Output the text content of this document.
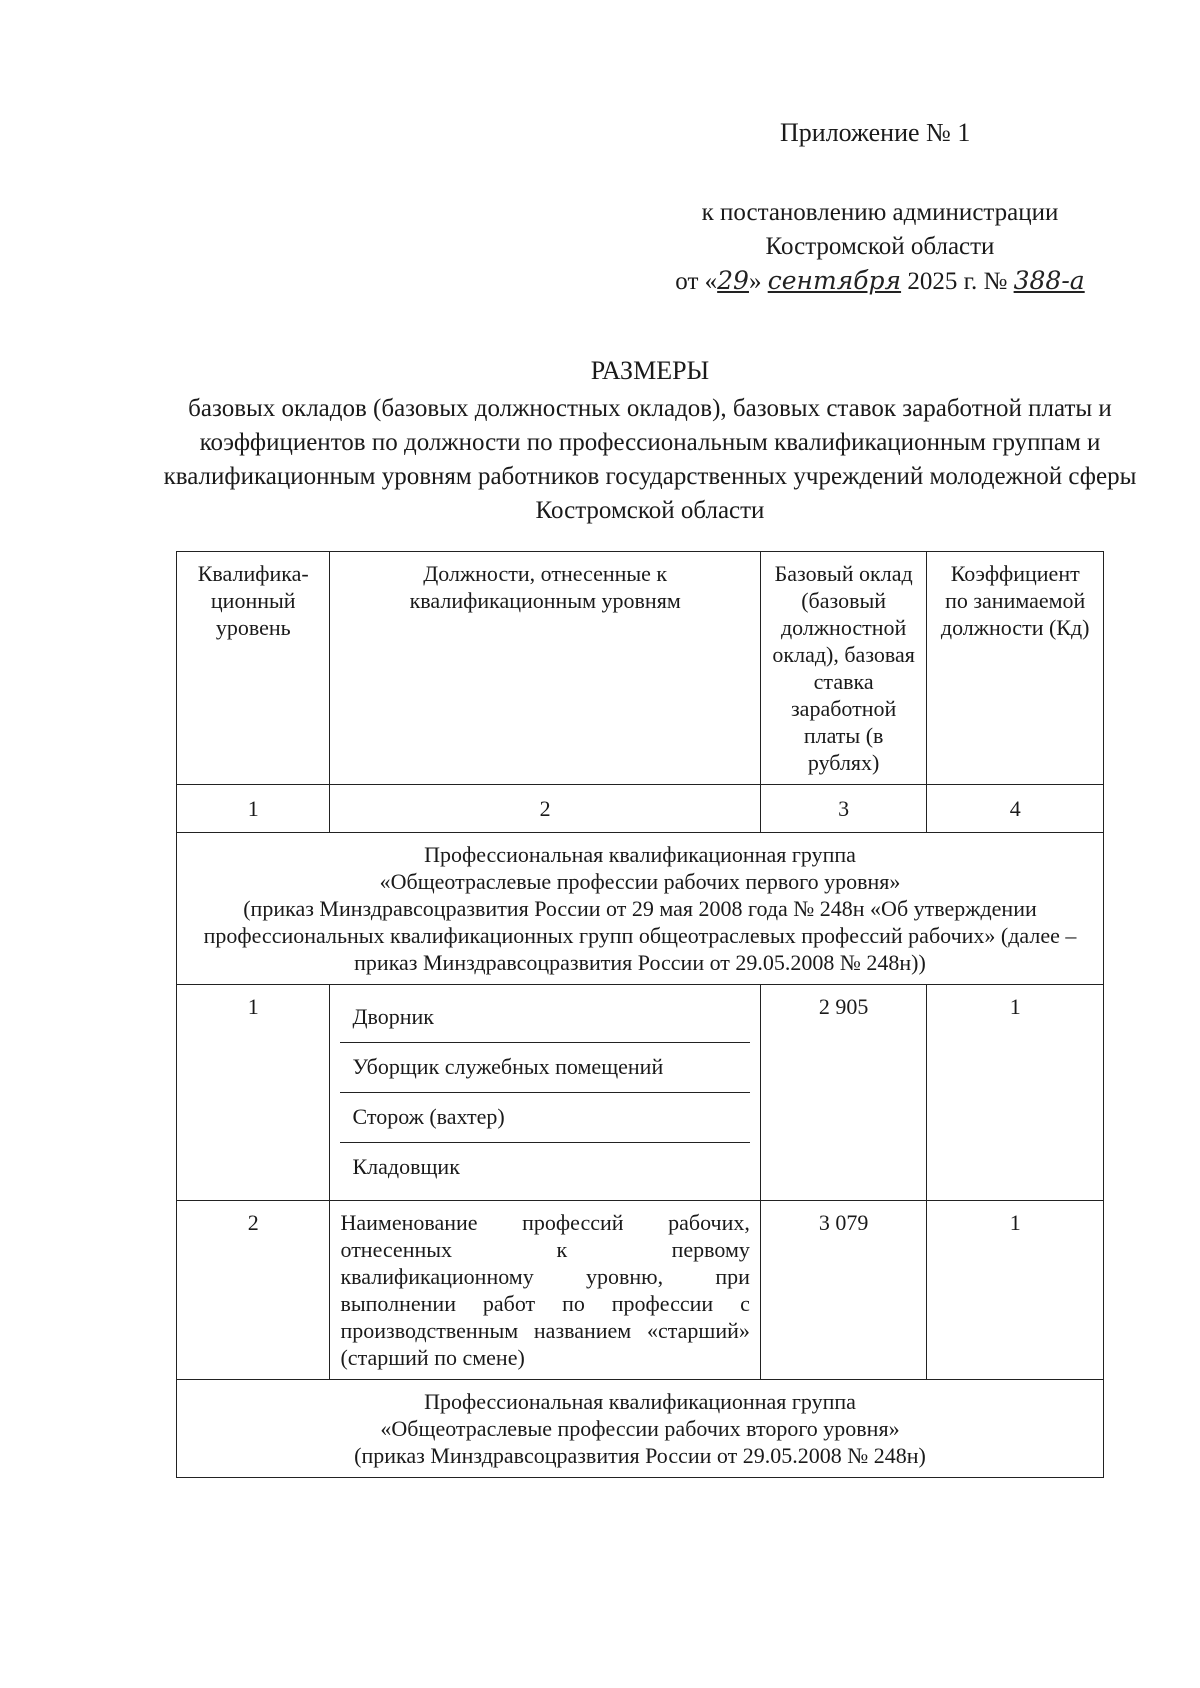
Приложение № 1
к постановлению администрации
Костромской области
от «29» сентября 2025 г. № 388-а
РАЗМЕРЫ
базовых окладов (базовых должностных окладов), базовых ставок заработной платы и коэффициентов по должности по профессиональным квалификационным группам и квалификационным уровням работников государственных учреждений молодежной сферы Костромской области
Квалифика-ционный уровень	Должности, отнесенные к квалификационным уровням	Базовый оклад (базовый должностной оклад), базовая ставка заработной платы (в рублях)	Коэффициент по занимаемой должности (Кд)
1	2	3	4

Профессиональная квалификационная группа
«Общеотраслевые профессии рабочих первого уровня»
(приказ Минздравсоцразвития России от 29 мая 2008 года № 248н «Об утверждении профессиональных квалификационных групп общеотраслевых профессий рабочих» (далее – приказ Минздравсоцразвития России от 29.05.2008 № 248н))			

1	Дворник
Уборщик служебных помещений
Сторож (вахтер)
Кладовщик	2 905	1
2	Наименование профессий рабочих, отнесенных к первому квалификационному уровню, при выполнении работ по профессии с производственным названием «старший» (старший по смене)	3 079	1

Профессиональная квалификационная группа
«Общеотраслевые профессии рабочих второго уровня»
(приказ Минздравсоцразвития России от 29.05.2008 № 248н)			
